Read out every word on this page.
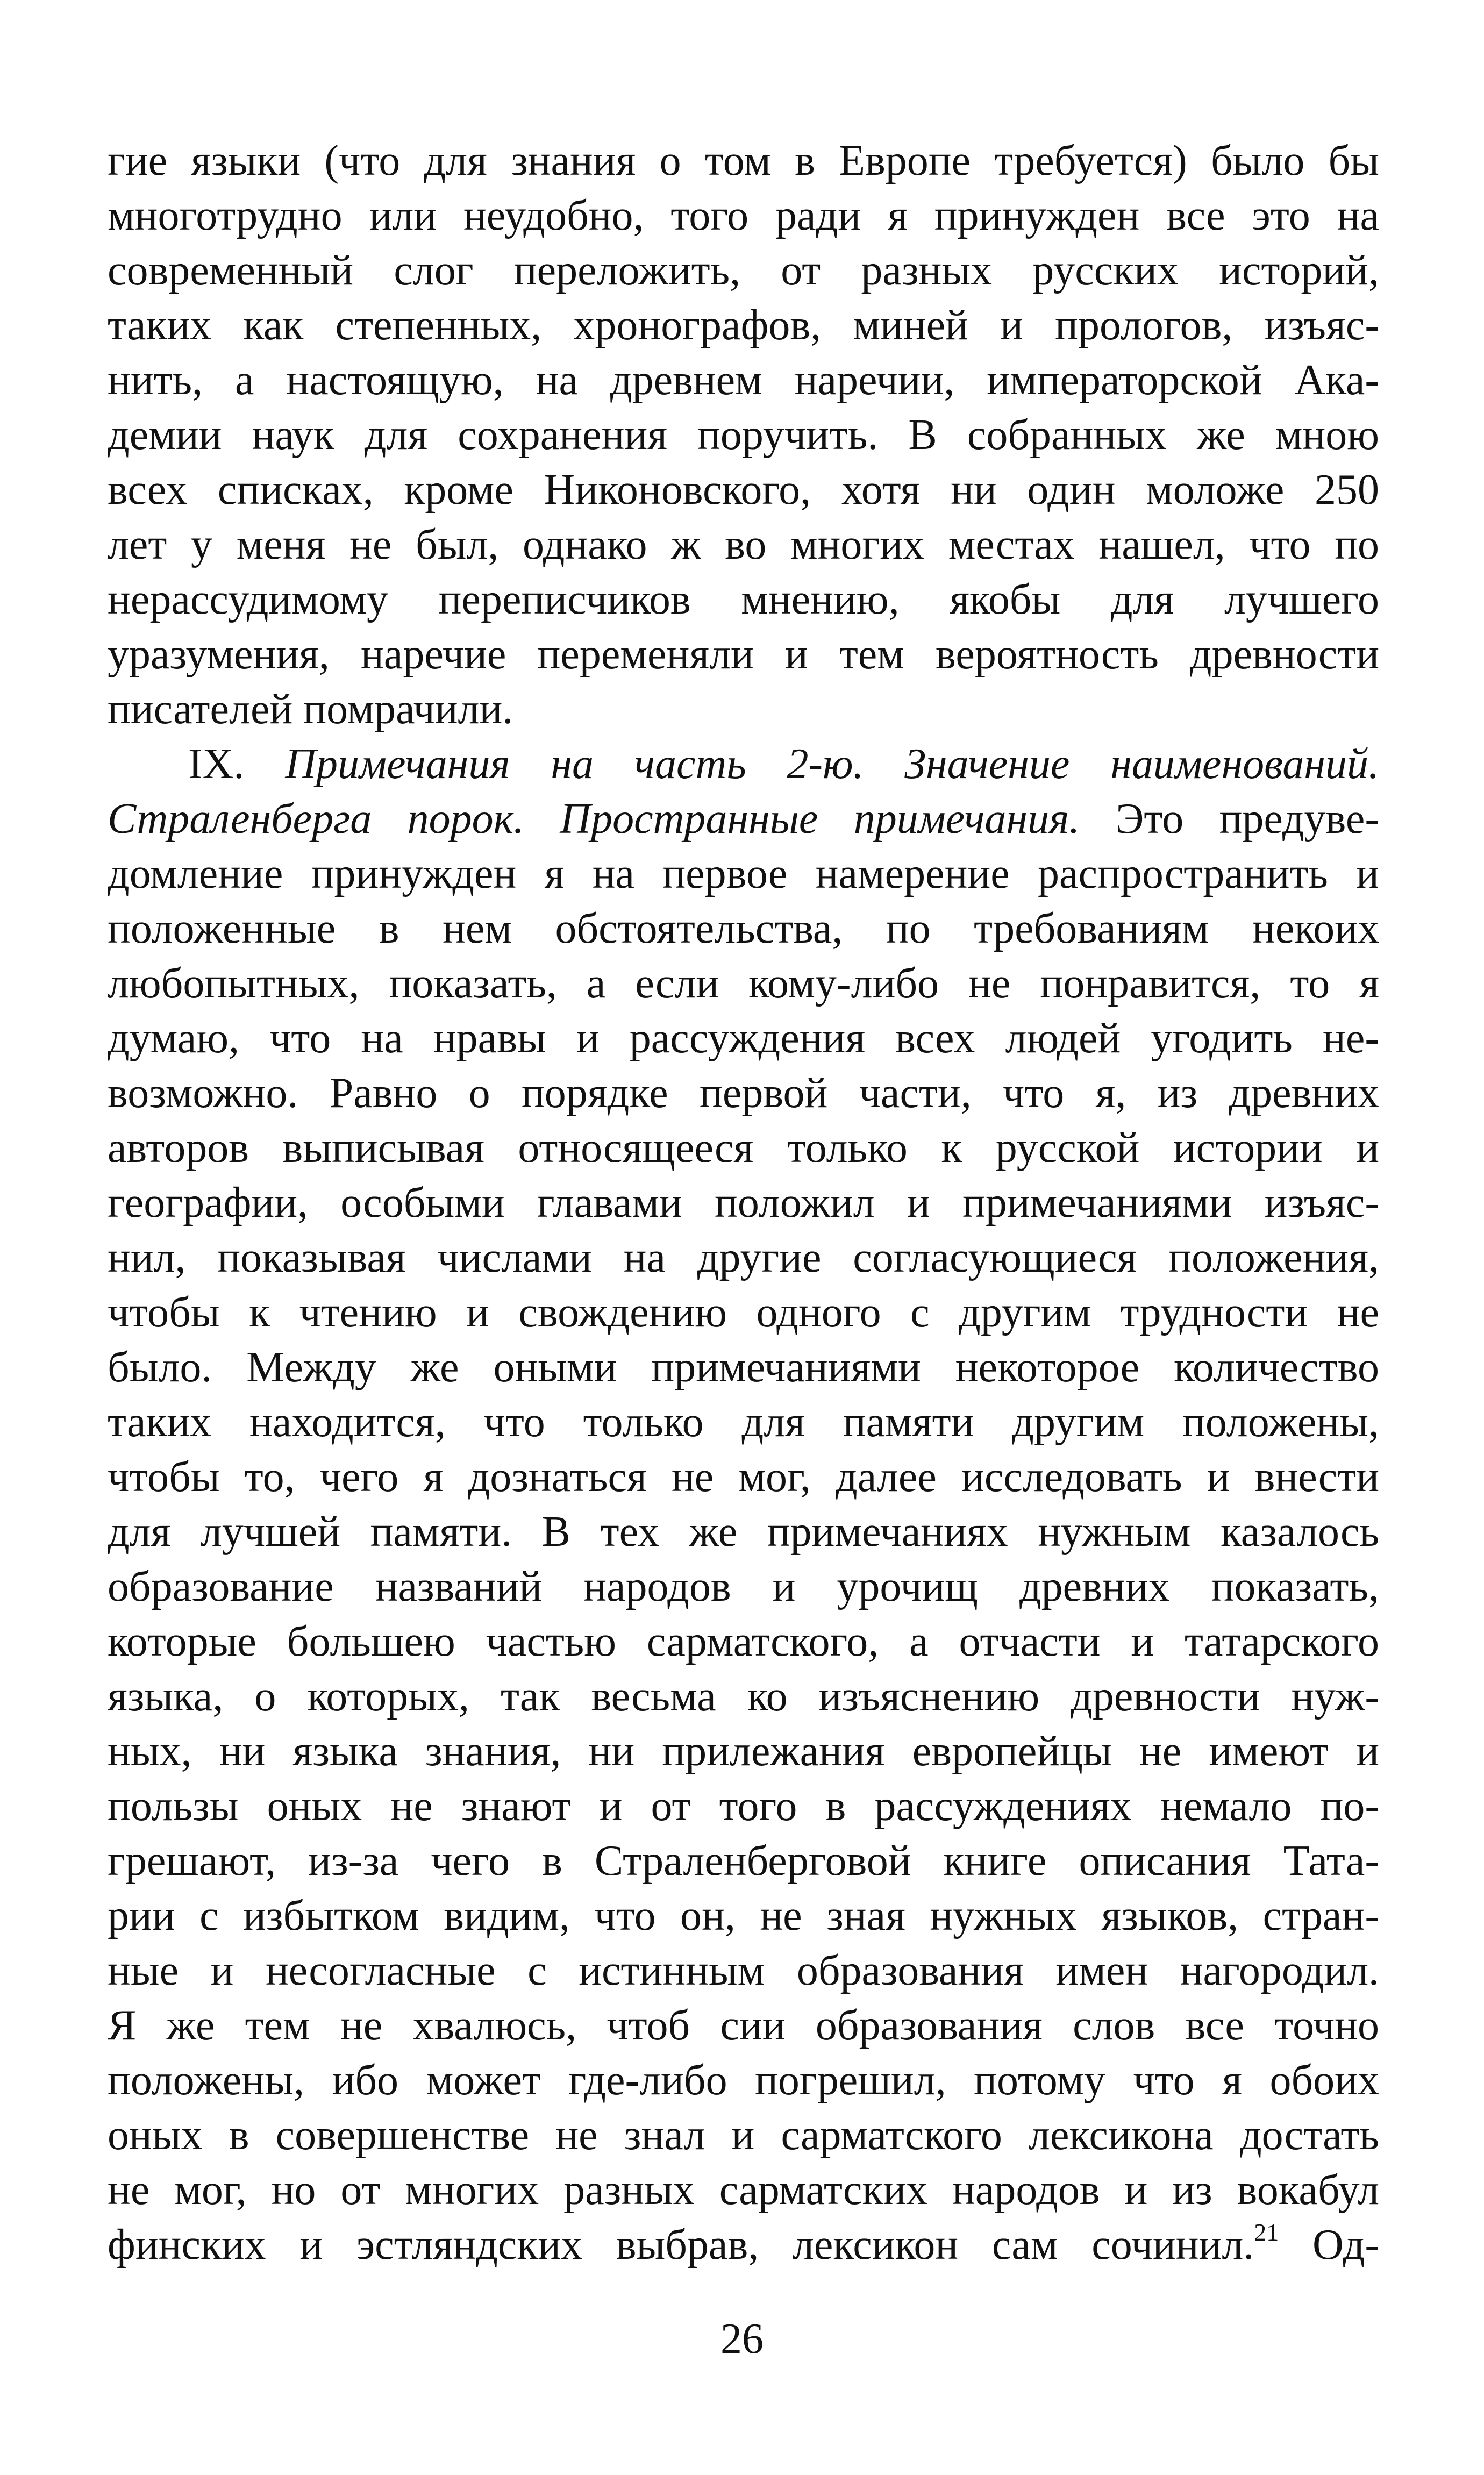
гие языки (что для знания о том в Европе требуется) было бы
многотрудно или неудобно, того ради я принужден все это на
современный слог переложить, от разных русских историй,
таких как степенных, хронографов, миней и прологов, изъяс-
нить, а настоящую, на древнем наречии, императорской Ака-
демии наук для сохранения поручить. В собранных же мною
всех списках, кроме Никоновского, хотя ни один моложе 250
лет у меня не был, однако ж во многих местах нашел, что по
нерассудимому переписчиков мнению, якобы для лучшего
уразумения, наречие переменяли и тем вероятность древности
писателей помрачили.
IX. Примечания на часть 2-ю. Значение наименований.
Страленберга порок. Пространные примечания. Это предуве-
домление принужден я на первое намерение распространить и
положенные в нем обстоятельства, по требованиям некоих
любопытных, показать, а если кому-либо не понравится, то я
думаю, что на нравы и рассуждения всех людей угодить не-
возможно. Равно о порядке первой части, что я, из древних
авторов выписывая относящееся только к русской истории и
географии, особыми главами положил и примечаниями изъяс-
нил, показывая числами на другие согласующиеся положения,
чтобы к чтению и свождению одного с другим трудности не
было. Между же оными примечаниями некоторое количество
таких находится, что только для памяти другим положены,
чтобы то, чего я дознаться не мог, далее исследовать и внести
для лучшей памяти. В тех же примечаниях нужным казалось
образование названий народов и урочищ древних показать,
которые большею частью сарматского, а отчасти и татарского
языка, о которых, так весьма ко изъяснению древности нуж-
ных, ни языка знания, ни прилежания европейцы не имеют и
пользы оных не знают и от того в рассуждениях немало по-
грешают, из-за чего в Страленберговой книге описания Тата-
рии с избытком видим, что он, не зная нужных языков, стран-
ные и несогласные с истинным образования имен нагородил.
Я же тем не хвалюсь, чтоб сии образования слов все точно
положены, ибо может где-либо погрешил, потому что я обоих
оных в совершенстве не знал и сарматского лексикона достать
не мог, но от многих разных сарматских народов и из вокабул
финских и эстляндских выбрав, лексикон сам сочинил.$^{21}$ Од-
26
